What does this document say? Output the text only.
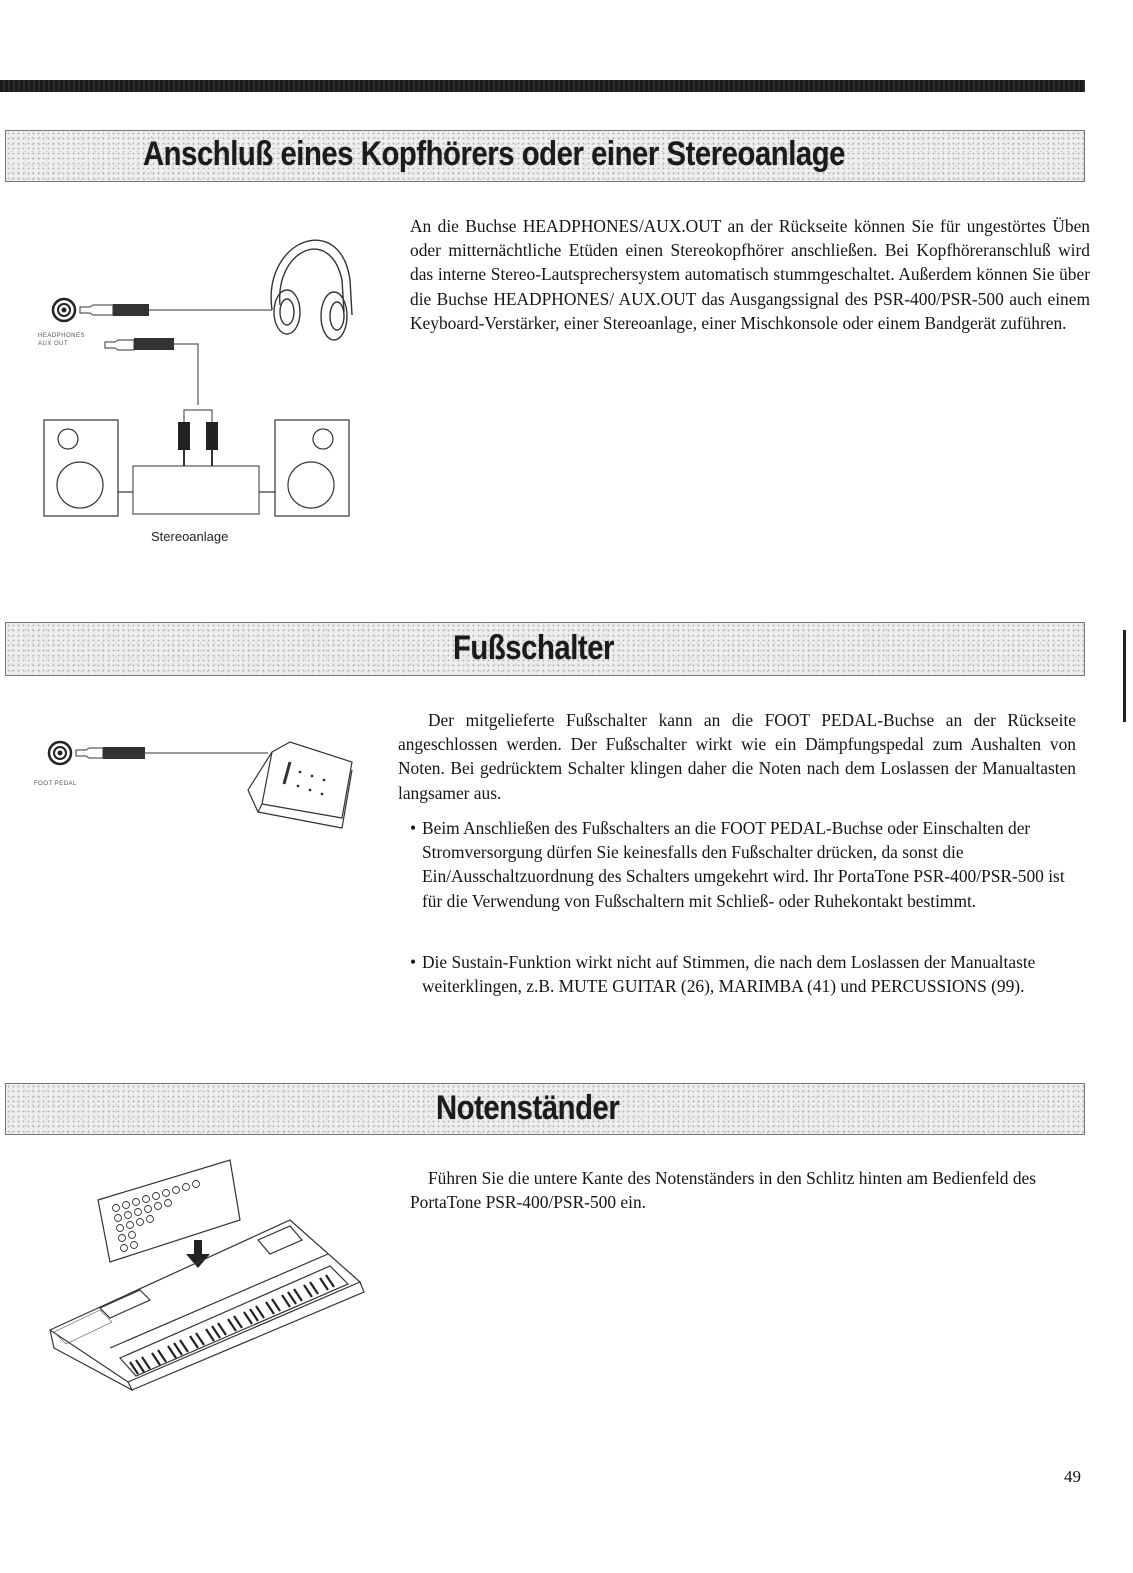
Anschluß eines Kopfhörers oder einer Stereoanlage

An die Buchse HEADPHONES/AUX.OUT an der Rückseite können Sie für ungestörtes Üben oder mitternächtliche Etüden einen Stereokopfhörer anschließen. Bei Kopfhöreranschluß wird das interne Stereo-Lautsprechersystem automatisch stummgeschaltet. Außerdem können Sie über die Buchse HEADPHONES/ AUX.OUT das Ausgangssignal des PSR-400/PSR-500 auch einem Keyboard-Verstärker, einer Stereoanlage, einer Mischkonsole oder einem Bandgerät zuführen.

HEADPHONES AUX OUT
Stereoanlage
Fußschalter

Der mitgelieferte Fußschalter kann an die FOOT PEDAL-Buchse an der Rückseite angeschlossen werden. Der Fußschalter wirkt wie ein Dämpfungspedal zum Aushalten von Noten. Bei gedrücktem Schalter klingen daher die Noten nach dem Loslassen der Manualtasten langsamer aus.

• Beim Anschließen des Fußschalters an die FOOT PEDAL-Buchse oder Einschalten der Stromversorgung dürfen Sie keinesfalls den Fußschalter drücken, da sonst die Ein/Ausschaltzuordnung des Schalters umgekehrt wird. Ihr PortaTone PSR-400/PSR-500 ist für die Verwendung von Fußschaltern mit Schließ- oder Ruhekontakt bestimmt.
• Die Sustain-Funktion wirkt nicht auf Stimmen, die nach dem Loslassen der Manualtaste weiterklingen, z.B. MUTE GUITAR (26), MARIMBA (41) und PERCUSSIONS (99).
FOOT PEDAL
Notenständer

Führen Sie die untere Kante des Notenständers in den Schlitz hinten am Bedienfeld des PortaTone PSR-400/PSR-500 ein.

49
